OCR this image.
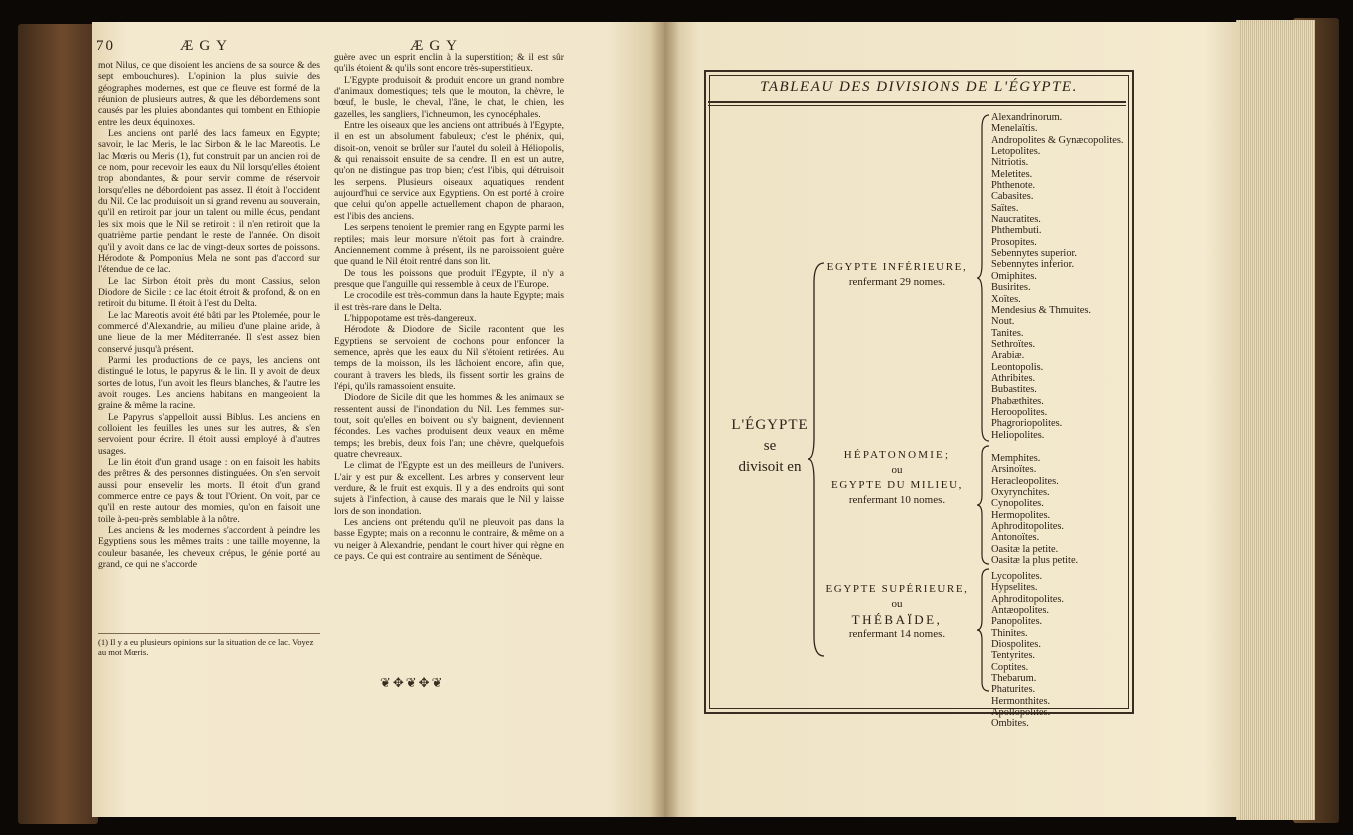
70	ÆGY	ÆGY

mot Nilus, ce que disoient les anciens de sa source & des sept embouchures). L'opinion la plus suivie des géographes modernes, est que ce fleuve est formé de la réunion de plusieurs autres, & que les débordemens sont causés par les pluies abondantes qui tombent en Ethiopie entre les deux équinoxes.

Les anciens ont parlé des lacs fameux en Egypte; savoir, le lac Meris, le lac Sirbon & le lac Mareotis. Le lac Mœris ou Meris (1), fut construit par un ancien roi de ce nom, pour recevoir les eaux du Nil lorsqu'elles étoient trop abondantes, & pour servir comme de réservoir lorsqu'elles ne débordoient pas assez. Il étoit à l'occident du Nil. Ce lac produisoit un si grand revenu au souverain, qu'il en retiroit par jour un talent ou mille écus, pendant les six mois que le Nil se retiroit : il n'en retiroit que la quatrième partie pendant le reste de l'année. On disoit qu'il y avoit dans ce lac de vingt-deux sortes de poissons. Hérodote & Pomponius Mela ne sont pas d'accord sur l'étendue de ce lac.

Le lac Sirbon étoit près du mont Cassius, selon Diodore de Sicile : ce lac étoit étroit & profond, & on en retiroit du bitume. Il étoit à l'est du Delta.

Le lac Mareotis avoit été bâti par les Ptolemée, pour le commercé d'Alexandrie, au milieu d'une plaine aride, à une lieue de la mer Méditerranée. Il s'est assez bien conservé jusqu'à présent.

Parmi les productions de ce pays, les anciens ont distingué le lotus, le papyrus & le lin. Il y avoit de deux sortes de lotus, l'un avoit les fleurs blanches, & l'autre les avoit rouges. Les anciens habitans en mangeoient la graine & même la racine.

Le Papyrus s'appelloit aussi Biblus. Les anciens en colloient les feuilles les unes sur les autres, & s'en servoient pour écrire. Il étoit aussi employé à d'autres usages.

Le lin étoit d'un grand usage : on en faisoit les habits des prêtres & des personnes distinguées. On s'en servoit aussi pour ensevelir les morts. Il étoit d'un grand commerce entre ce pays & tout l'Orient. On voit, par ce qu'il en reste autour des momies, qu'on en faisoit une toile à-peu-près semblable à la nôtre.

Les anciens & les modernes s'accordent à peindre les Egyptiens sous les mêmes traits : une taille moyenne, la couleur basanée, les cheveux crépus, le génie porté au grand, ce qui ne s'accorde

(1) Il y a eu plusieurs opinions sur la situation de ce lac. Voyez au mot Mœris.

guère avec un esprit enclin à la superstition; & il est sûr qu'ils étoient & qu'ils sont encore très-superstitieux.

L'Egypte produisoit & produit encore un grand nombre d'animaux domestiques; tels que le mouton, la chèvre, le bœuf, le busle, le cheval, l'âne, le chat, le chien, les gazelles, les sangliers, l'ichneumon, les cynocéphales.

Entre les oiseaux que les anciens ont attribués à l'Egypte, il en est un absolument fabuleux; c'est le phénix, qui, disoit-on, venoit se brûler sur l'autel du soleil à Héliopolis, & qui renaissoit ensuite de sa cendre. Il en est un autre, qu'on ne distingue pas trop bien; c'est l'ibis, qui détruisoit les serpens. Plusieurs oiseaux aquatiques rendent aujourd'hui ce service aux Egyptiens. On est porté à croire que celui qu'on appelle actuellement chapon de pharaon, est l'ibis des anciens.

Les serpens tenoient le premier rang en Egypte parmi les reptiles; mais leur morsure n'étoit pas fort à craindre. Anciennement comme à présent, ils ne paroissoient guère que quand le Nil étoit rentré dans son lit.

De tous les poissons que produit l'Egypte, il n'y a presque que l'anguille qui ressemble à ceux de l'Europe.

Le crocodile est très-commun dans la haute Egypte; mais il est très-rare dans le Delta.

L'hippopotame est très-dangereux.

Hérodote & Diodore de Sicile racontent que les Egyptiens se servoient de cochons pour enfoncer la semence, après que les eaux du Nil s'étoient retirées. Au temps de la moisson, ils les lâchoient encore, afin que, courant à travers les bleds, ils fissent sortir les grains de l'épi, qu'ils ramassoient ensuite.

Diodore de Sicile dit que les hommes & les animaux se ressentent aussi de l'inondation du Nil. Les femmes sur-tout, soit qu'elles en boivent ou s'y baignent, deviennent fécondes. Les vaches produisent deux veaux en même temps; les brebis, deux fois l'an; une chèvre, quelquefois quatre chevreaux.

Le climat de l'Egypte est un des meilleurs de l'univers. L'air y est pur & excellent. Les arbres y conservent leur verdure, & le fruit est exquis. Il y a des endroits qui sont sujets à l'infection, à cause des marais que le Nil y laisse lors de son inondation.

Les anciens ont prétendu qu'il ne pleuvoit pas dans la basse Egypte; mais on a reconnu le contraire, & même on a vu neiger à Alexandrie, pendant le court hiver qui règne en ce pays. Ce qui est contraire au sentiment de Sénèque.

❦✥❦✥❦
TABLEAU DES DIVISIONS DE L'ÉGYPTE.
L'ÉGYPTE
se
divisoit en
EGYPTE INFÉRIEURE,
renfermant 29 nomes.
HÉPATONOMIE;
ou
EGYPTE DU MILIEU,
renfermant 10 nomes.
EGYPTE SUPÉRIEURE,
ou
THÉBAÏDE,
renfermant 14 nomes.
Alexandrinorum.
Menelaïtis.
Andropolites & Gynæcopolites.
Letopolites.
Nitriotis.
Meletites.
Phthenote.
Cabasites.
Saïtes.
Naucratites.
Phthembuti.
Prosopites.
Sebennytes superior.
Sebennytes inferior.
Omiphites.
Busirites.
Xoïtes.
Mendesius & Thmuites.
Nout.
Tanites.
Sethroïtes.
Arabiæ.
Leontopolis.
Athribites.
Bubastites.
Phabæthites.
Heroopolites.
Phagroriopolites.
Heliopolites.
Memphites.
Arsinoïtes.
Heracleopolites.
Oxyrynchites.
Cynopolites.
Hermopolites.
Aphroditopolites.
Antonoïtes.
Oasitæ la petite.
Oasitæ la plus petite.
Lycopolites.
Hypselites.
Aphroditopolites.
Antæopolites.
Panopolites.
Thinites.
Diospolites.
Tentyrites.
Coptites.
Thebarum.
Phaturites.
Hermonthites.
Apollopolites.
Ombites.
